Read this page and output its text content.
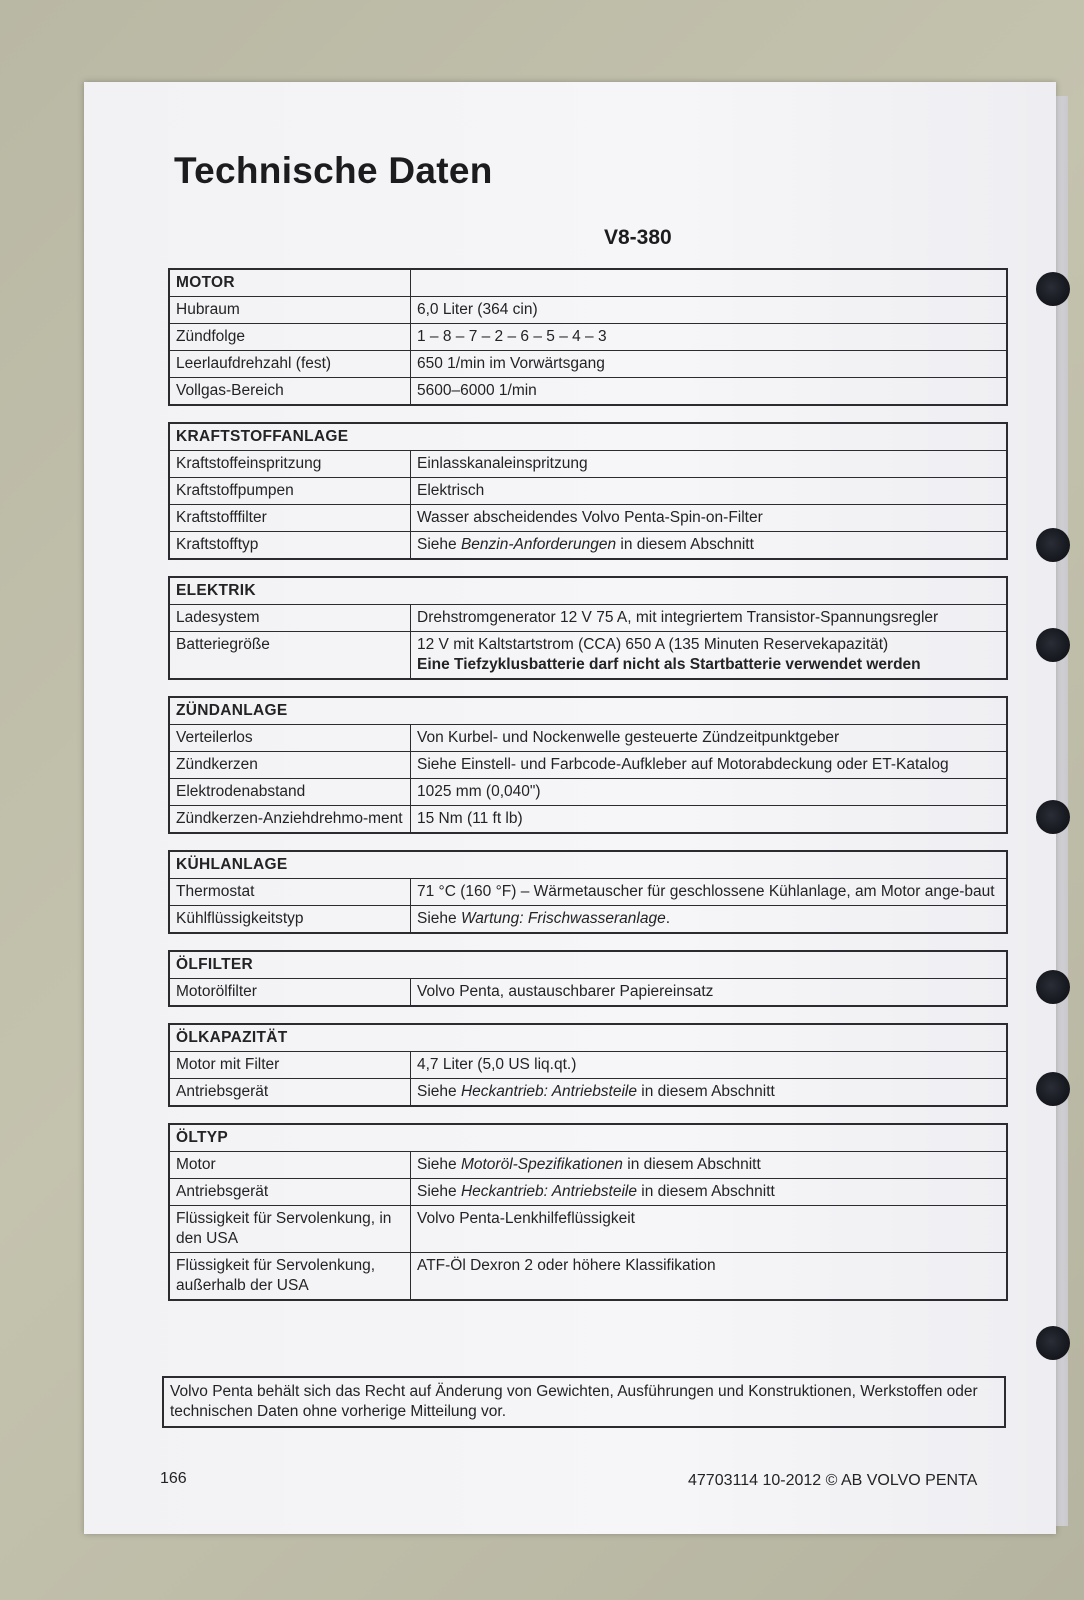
Technische Daten

V8-380

MOTOR	
Hubraum	6,0 Liter (364 cin)

Zündfolge	1 – 8 – 7 – 2 – 6 – 5 – 4 – 3

Leerlaufdrehzahl (fest)	650 1/min im Vorwärtsgang

Vollgas-Bereich	5600–6000 1/min
KRAFTSTOFFANLAGE	
Kraftstoffeinspritzung	Einlasskanaleinspritzung

Kraftstoffpumpen	Elektrisch

Kraftstofffilter	Wasser abscheidendes Volvo Penta-Spin-on-Filter

Kraftstofftyp	Siehe Benzin-Anforderungen in diesem Abschnitt
ELEKTRIK	
Ladesystem	Drehstromgenerator 12 V 75 A, mit integriertem Transistor-Spannungsregler

Batteriegröße	12 V mit Kaltstartstrom (CCA) 650 A (135 Minuten Reservekapazität)
Eine Tiefzyklusbatterie darf nicht als Startbatterie verwendet werden
ZÜNDANLAGE	
Verteilerlos	Von Kurbel- und Nockenwelle gesteuerte Zündzeitpunktgeber

Zündkerzen	Siehe Einstell- und Farbcode-Aufkleber auf Motorabdeckung oder ET-Katalog

Elektrodenabstand	1025 mm (0,040")

Zündkerzen-Anziehdrehmo-ment	15 Nm (11 ft lb)
KÜHLANLAGE	
Thermostat	71 °C (160 °F) – Wärmetauscher für geschlossene Kühlanlage, am Motor ange-baut

Kühlflüssigkeitstyp	Siehe Wartung: Frischwasseranlage.
ÖLFILTER
Motorölfilter	Volvo Penta, austauschbarer Papiereinsatz
ÖLKAPAZITÄT	
Motor mit Filter	4,7 Liter (5,0 US liq.qt.)

Antriebsgerät	Siehe Heckantrieb: Antriebsteile in diesem Abschnitt
ÖLTYP	
Motor	Siehe Motoröl-Spezifikationen in diesem Abschnitt
Antriebsgerät	Siehe Heckantrieb: Antriebsteile in diesem Abschnitt
Flüssigkeit für Servolenkung, in den USA	Volvo Penta-Lenkhilfeflüssigkeit

Flüssigkeit für Servolenkung, außerhalb der USA	ATF-Öl Dexron 2 oder höhere Klassifikation
Volvo Penta behält sich das Recht auf Änderung von Gewichten, Ausführungen und Konstruktionen, Werkstoffen oder technischen Daten ohne vorherige Mitteilung vor.
166	47703114 10-2012 © AB VOLVO PENTA
